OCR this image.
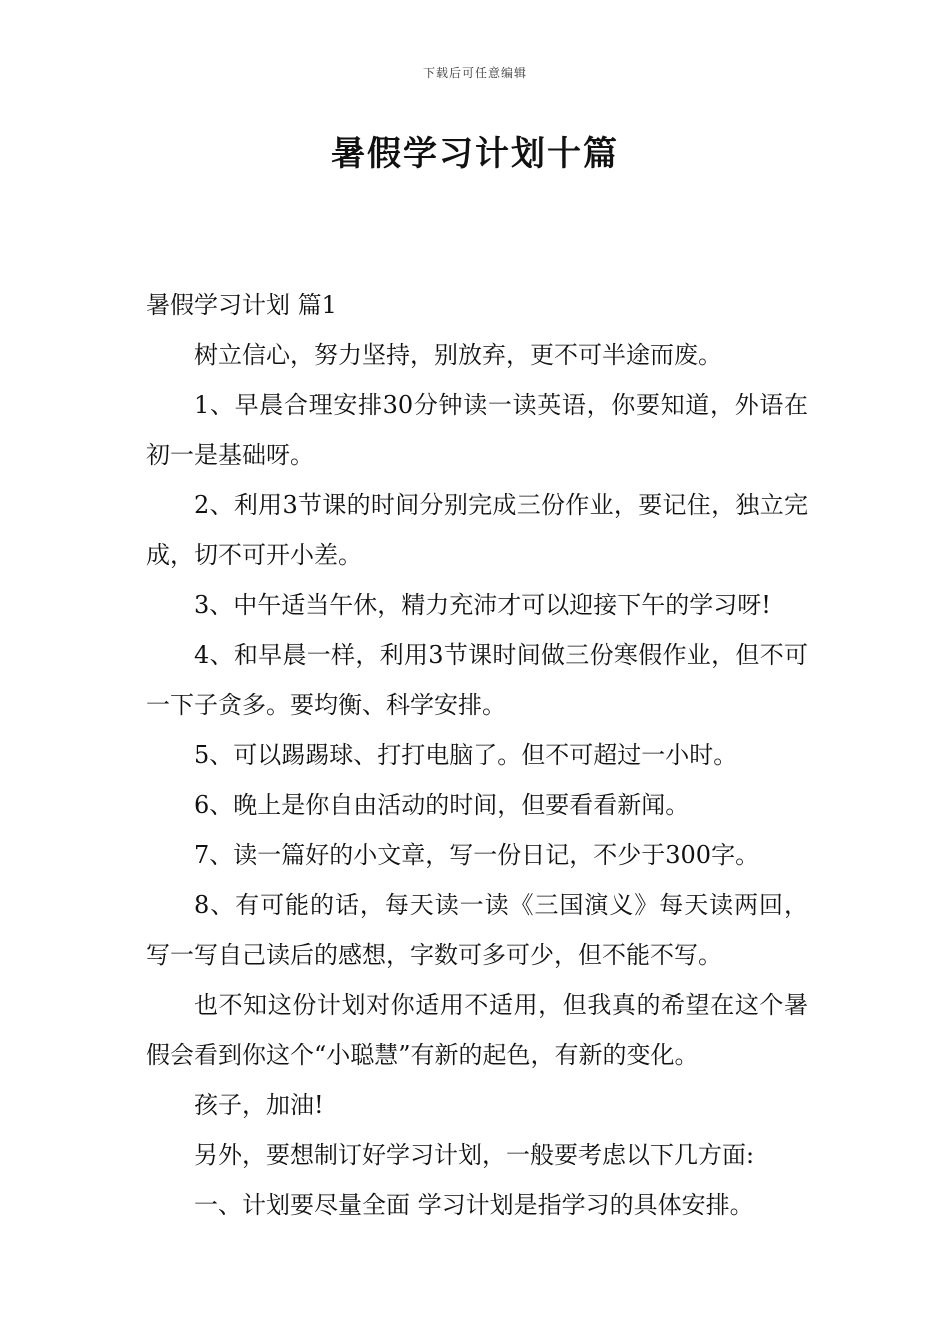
下载后可任意编辑
暑假学习计划十篇
暑假学习计划 篇1

树立信心，努力坚持，别放弃，更不可半途而废。

1、早晨合理安排30分钟读一读英语，你要知道，外语在初一是基础呀。

2、利用3节课的时间分别完成三份作业，要记住，独立完成，切不可开小差。

3、中午适当午休，精力充沛才可以迎接下午的学习呀!

4、和早晨一样，利用3节课时间做三份寒假作业，但不可一下子贪多。要均衡、科学安排。

5、可以踢踢球、打打电脑了。但不可超过一小时。

6、晚上是你自由活动的时间，但要看看新闻。

7、读一篇好的小文章，写一份日记，不少于300字。

8、有可能的话，每天读一读《三国演义》每天读两回，写一写自己读后的感想，字数可多可少，但不能不写。

也不知这份计划对你适用不适用，但我真的希望在这个暑假会看到你这个“小聪慧”有新的起色，有新的变化。

孩子，加油!

另外，要想制订好学习计划，一般要考虑以下几方面:

一、计划要尽量全面 学习计划是指学习的具体安排。
